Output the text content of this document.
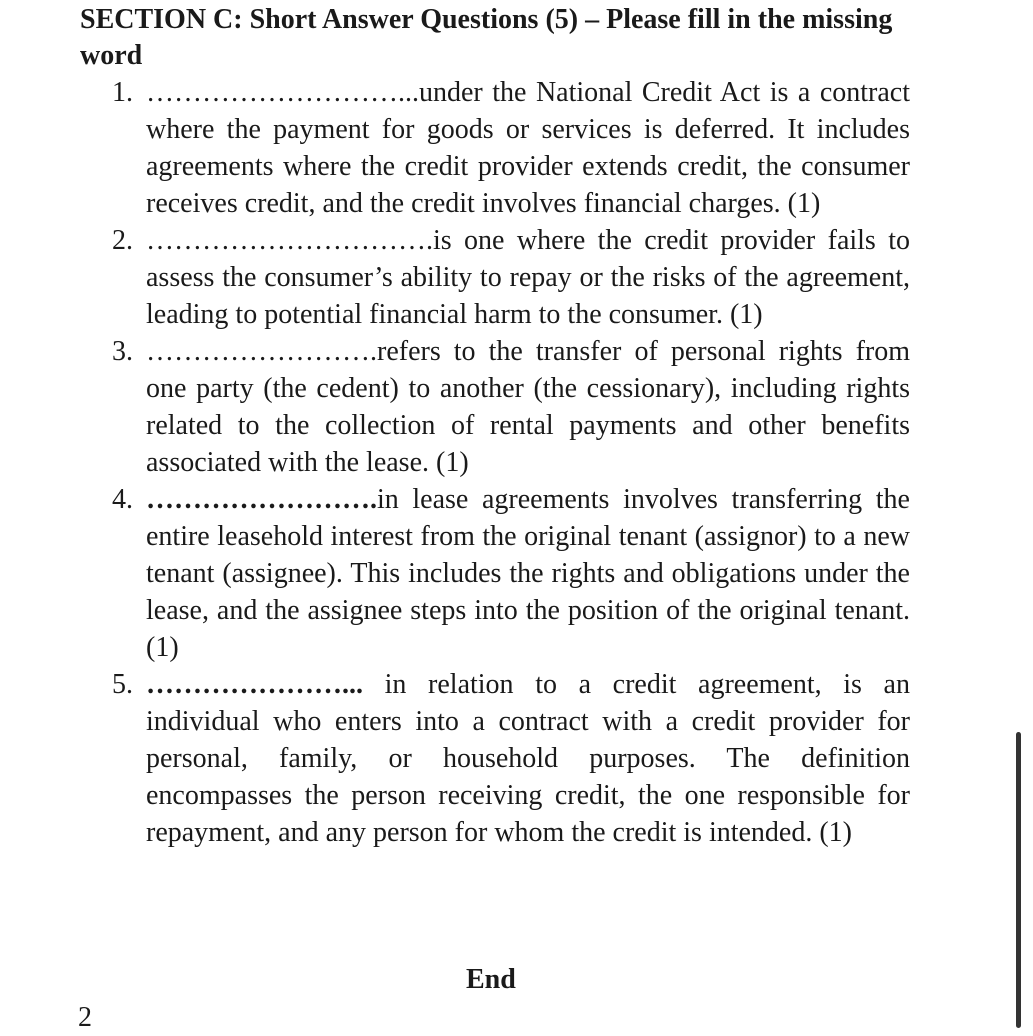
SECTION C: Short Answer Questions (5) – Please fill in the missing word
1. ………………………...under the National Credit Act is a contract where the payment for goods or services is deferred. It includes agreements where the credit provider extends credit, the consumer receives credit, and the credit involves financial charges. (1)
2. ………………………….is one where the credit provider fails to assess the consumer’s ability to repay or the risks of the agreement, leading to potential financial harm to the consumer. (1)
3. …………………….refers to the transfer of personal rights from one party (the cedent) to another (the cessionary), including rights related to the collection of rental payments and other benefits associated with the lease. (1)
4. …………………….in lease agreements involves transferring the entire leasehold interest from the original tenant (assignor) to a new tenant (assignee). This includes the rights and obligations under the lease, and the assignee steps into the position of the original tenant. (1)
5. …………………... in relation to a credit agreement, is an individual who enters into a contract with a credit provider for personal, family, or household purposes. The definition encompasses the person receiving credit, the one responsible for repayment, and any person for whom the credit is intended. (1)
End
2
